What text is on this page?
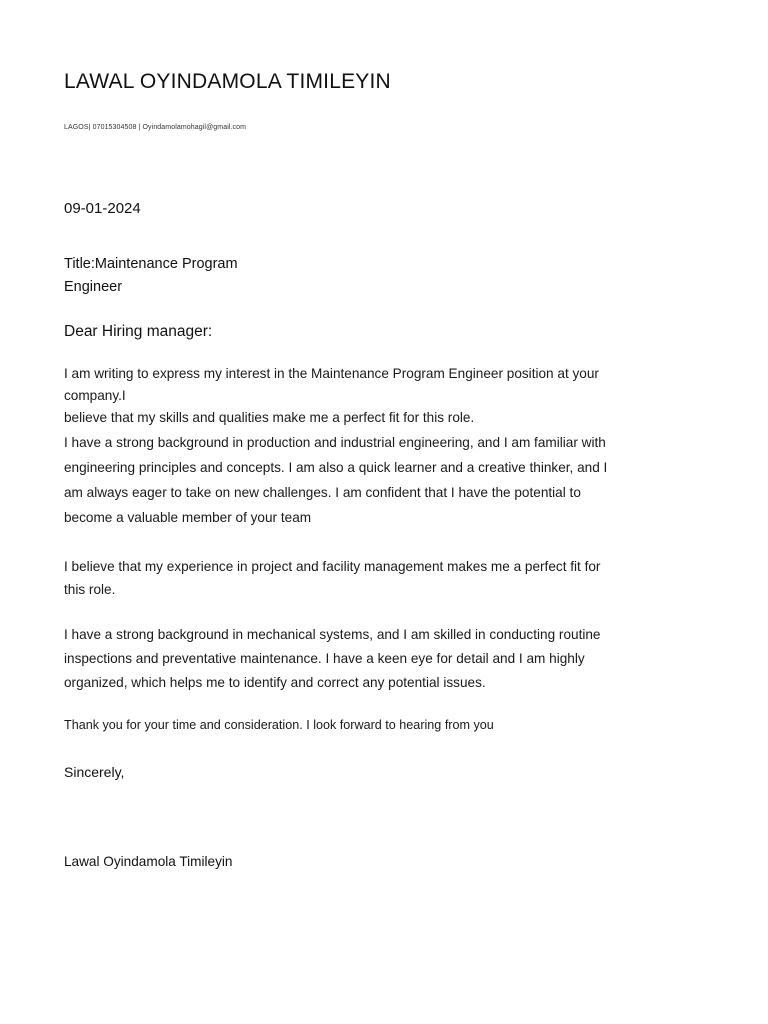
LAWAL OYINDAMOLA TIMILEYIN

LAGOS| 07015304508 | Oyindamolamohagil@gmail.com

09-01-2024

Title:Maintenance Program
Engineer

Dear Hiring manager:

I am writing to express my interest in the Maintenance Program Engineer position at your
company.I
believe that my skills and qualities make me a perfect fit for this role.
I have a strong background in production and industrial engineering, and I am familiar with
engineering principles and concepts. I am also a quick learner and a creative thinker, and I
am always eager to take on new challenges. I am confident that I have the potential to
become a valuable member of your team
I believe that my experience in project and facility management makes me a perfect fit for
this role.
I have a strong background in mechanical systems, and I am skilled in conducting routine
inspections and preventative maintenance. I have a keen eye for detail and I am highly
organized, which helps me to identify and correct any potential issues.

Thank you for your time and consideration. I look forward to hearing from you

Sincerely,

Lawal Oyindamola Timileyin
